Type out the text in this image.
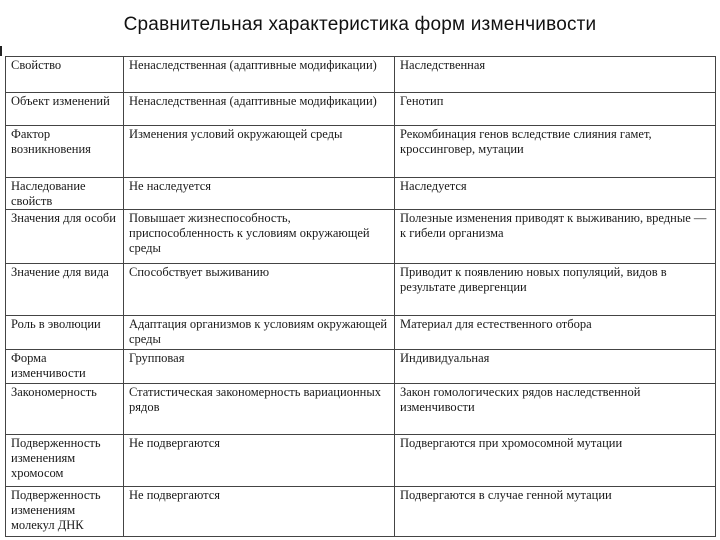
Сравнительная характеристика форм изменчивости
Свойство	Ненаследственная (адаптивные модификации)	Наследственная
Объект изменений	Ненаследственная (адаптивные модификации)	Генотип
Фактор возникновения	Изменения условий окружающей среды	Рекомбинация генов вследствие слияния гамет, кроссинговер, мутации
Наследование свойств	Не наследуется	Наследуется
Значения для особи	Повышает жизнеспособность, приспособленность к условиям окружающей среды	Полезные изменения приводят к выживанию, вредные — к гибели организма
Значение для вида	Способствует выживанию	Приводит к появлению новых популяций, видов в результате дивергенции
Роль в эволюции	Адаптация организмов к условиям окружающей среды	Материал для естественного отбора
Форма изменчивости	Групповая	Индивидуальная
Закономерность	Статистическая закономерность вариационных рядов	Закон гомологических рядов наследственной изменчивости
Подверженность изменениям хромосом	Не подвергаются	Подвергаются при хромосомной мутации
Подверженность изменениям молекул ДНК	Не подвергаются	Подвергаются в случае генной мутации
